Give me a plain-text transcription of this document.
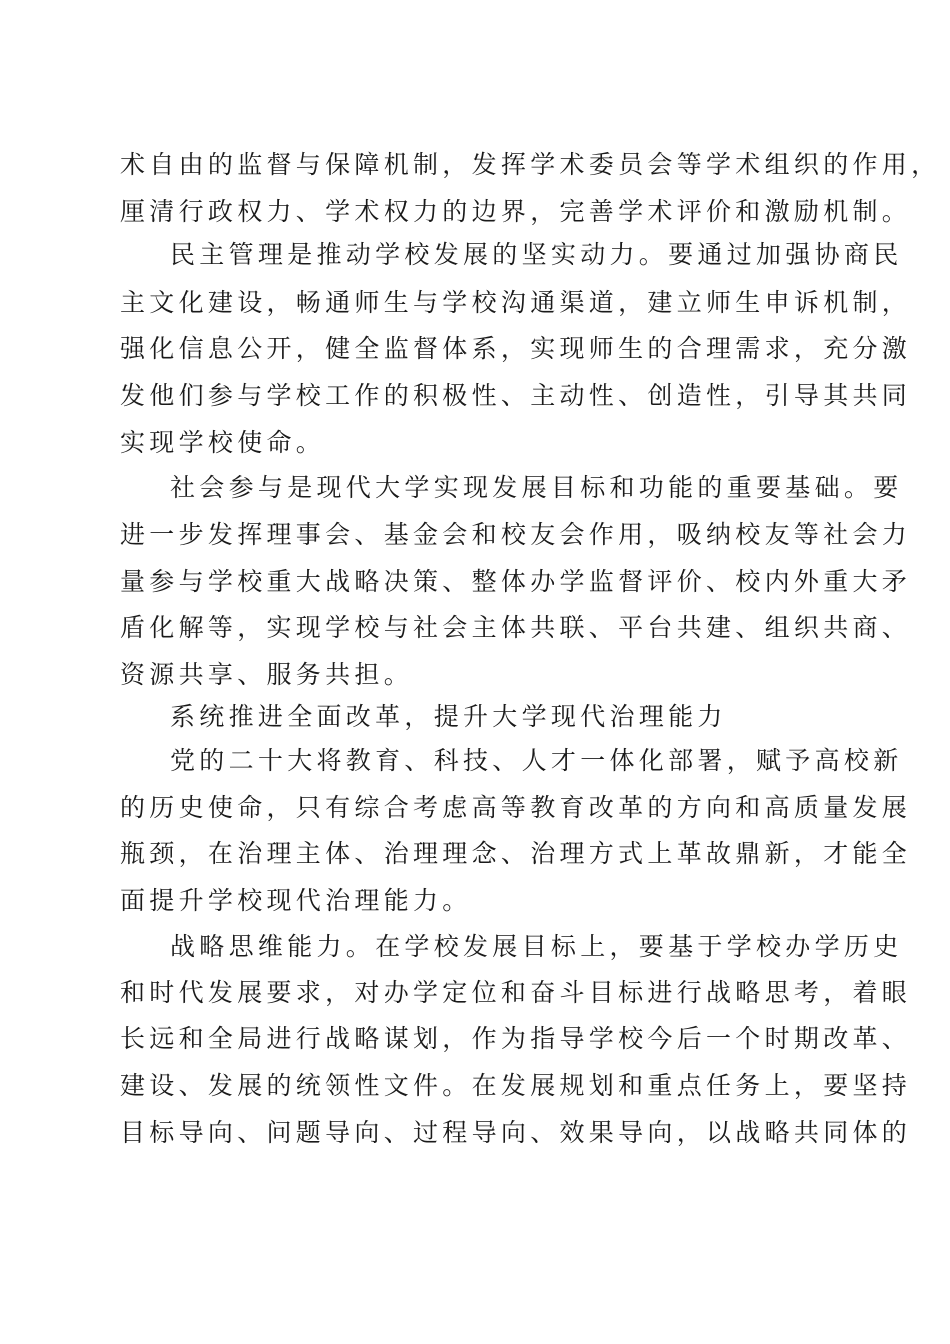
术自由的监督与保障机制，发挥学术委员会等学术组织的作用，
厘清行政权力、学术权力的边界，完善学术评价和激励机制。
民主管理是推动学校发展的坚实动力。要通过加强协商民
主文化建设，畅通师生与学校沟通渠道，建立师生申诉机制，
强化信息公开，健全监督体系，实现师生的合理需求，充分激
发他们参与学校工作的积极性、主动性、创造性，引导其共同
实现学校使命。
社会参与是现代大学实现发展目标和功能的重要基础。要
进一步发挥理事会、基金会和校友会作用，吸纳校友等社会力
量参与学校重大战略决策、整体办学监督评价、校内外重大矛
盾化解等，实现学校与社会主体共联、平台共建、组织共商、
资源共享、服务共担。
系统推进全面改革，提升大学现代治理能力
党的二十大将教育、科技、人才一体化部署，赋予高校新
的历史使命，只有综合考虑高等教育改革的方向和高质量发展
瓶颈，在治理主体、治理理念、治理方式上革故鼎新，才能全
面提升学校现代治理能力。
战略思维能力。在学校发展目标上，要基于学校办学历史
和时代发展要求，对办学定位和奋斗目标进行战略思考，着眼
长远和全局进行战略谋划，作为指导学校今后一个时期改革、
建设、发展的统领性文件。在发展规划和重点任务上，要坚持
目标导向、问题导向、过程导向、效果导向，以战略共同体的
